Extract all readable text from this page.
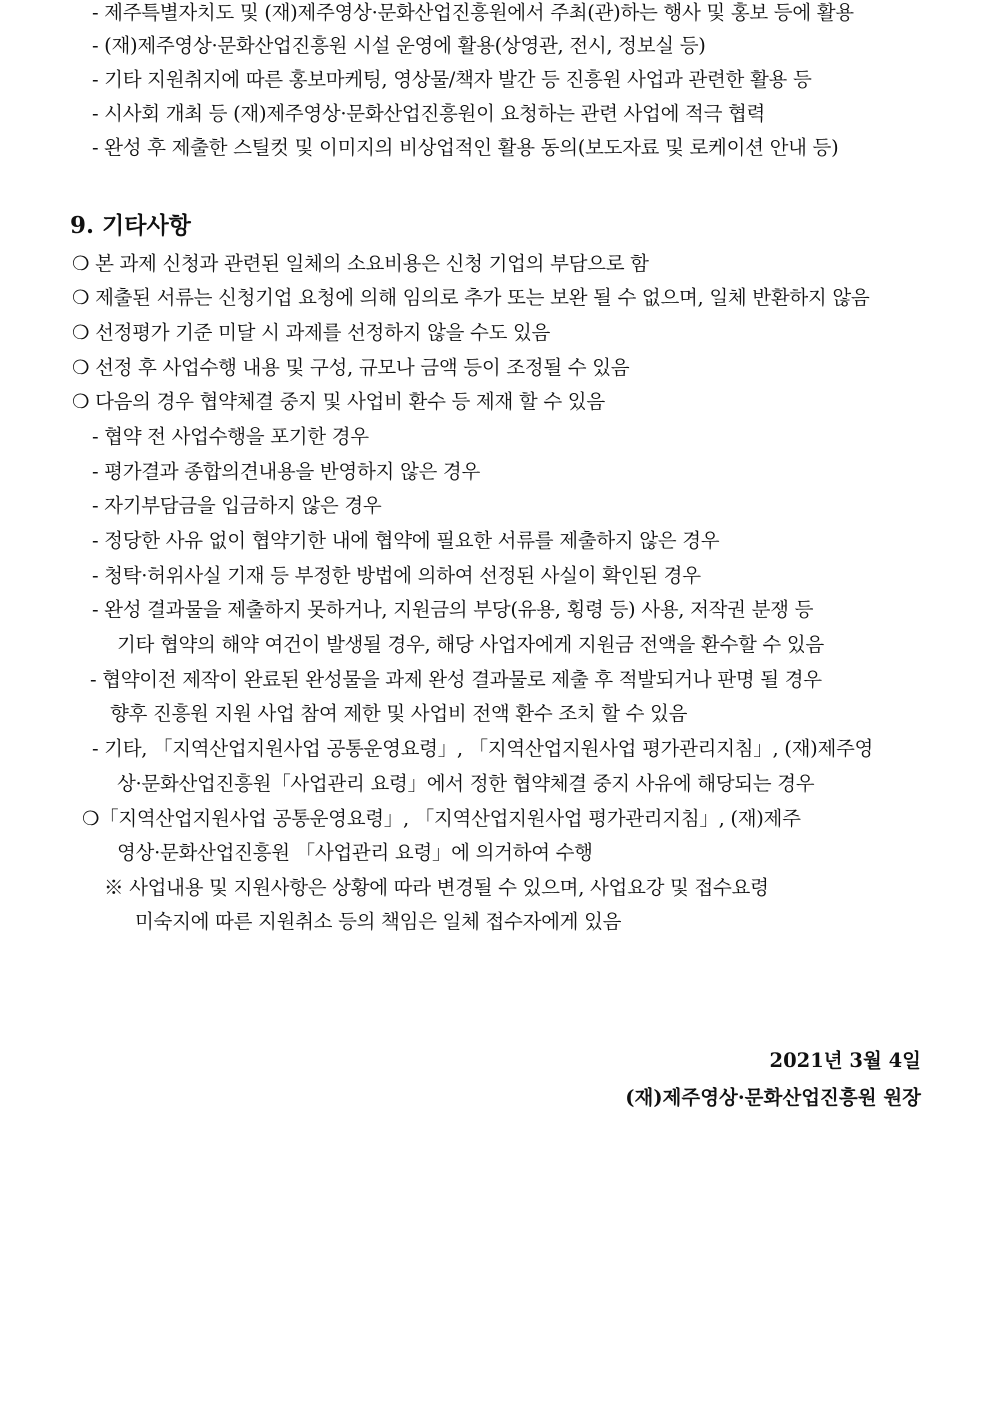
- 제주특별자치도 및 (재)제주영상·문화산업진흥원에서 주최(관)하는 행사 및 홍보 등에 활용
- (재)제주영상·문화산업진흥원 시설 운영에 활용(상영관, 전시, 정보실 등)
- 기타 지원취지에 따른 홍보마케팅, 영상물/책자 발간 등 진흥원 사업과 관련한 활용 등
- 시사회 개최 등 (재)제주영상·문화산업진흥원이 요청하는 관련 사업에 적극 협력
- 완성 후 제출한 스틸컷 및 이미지의 비상업적인 활용 동의(보도자료 및 로케이션 안내 등)
9. 기타사항
❍ 본 과제 신청과 관련된 일체의 소요비용은 신청 기업의 부담으로 함
❍ 제출된 서류는 신청기업 요청에 의해 임의로 추가 또는 보완 될 수 없으며, 일체 반환하지 않음
❍ 선정평가 기준 미달 시 과제를 선정하지 않을 수도 있음
❍ 선정 후 사업수행 내용 및 구성, 규모나 금액 등이 조정될 수 있음
❍ 다음의 경우 협약체결 중지 및 사업비 환수 등 제재 할 수 있음
- 협약 전 사업수행을 포기한 경우
- 평가결과 종합의견내용을 반영하지 않은 경우
- 자기부담금을 입금하지 않은 경우
- 정당한 사유 없이 협약기한 내에 협약에 필요한 서류를 제출하지 않은 경우
- 청탁·허위사실 기재 등 부정한 방법에 의하여 선정된 사실이 확인된 경우
- 완성 결과물을 제출하지 못하거나, 지원금의 부당(유용, 횡령 등) 사용, 저작권 분쟁 등
기타 협약의 해약 여건이 발생될 경우, 해당 사업자에게 지원금 전액을 환수할 수 있음
- 협약이전 제작이 완료된 완성물을 과제 완성 결과물로 제출 후 적발되거나 판명 될 경우
향후 진흥원 지원 사업 참여 제한 및 사업비 전액 환수 조치 할 수 있음
- 기타, 「지역산업지원사업 공통운영요령」, 「지역산업지원사업 평가관리지침」, (재)제주영
상·문화산업진흥원「사업관리 요령」에서 정한 협약체결 중지 사유에 해당되는 경우
❍「지역산업지원사업 공통운영요령」, 「지역산업지원사업 평가관리지침」, (재)제주
영상·문화산업진흥원 「사업관리 요령」에 의거하여 수행
※ 사업내용 및 지원사항은 상황에 따라 변경될 수 있으며, 사업요강 및 접수요령
미숙지에 따른 지원취소 등의 책임은 일체 접수자에게 있음
2021년 3월 4일
(재)제주영상·문화산업진흥원 원장
